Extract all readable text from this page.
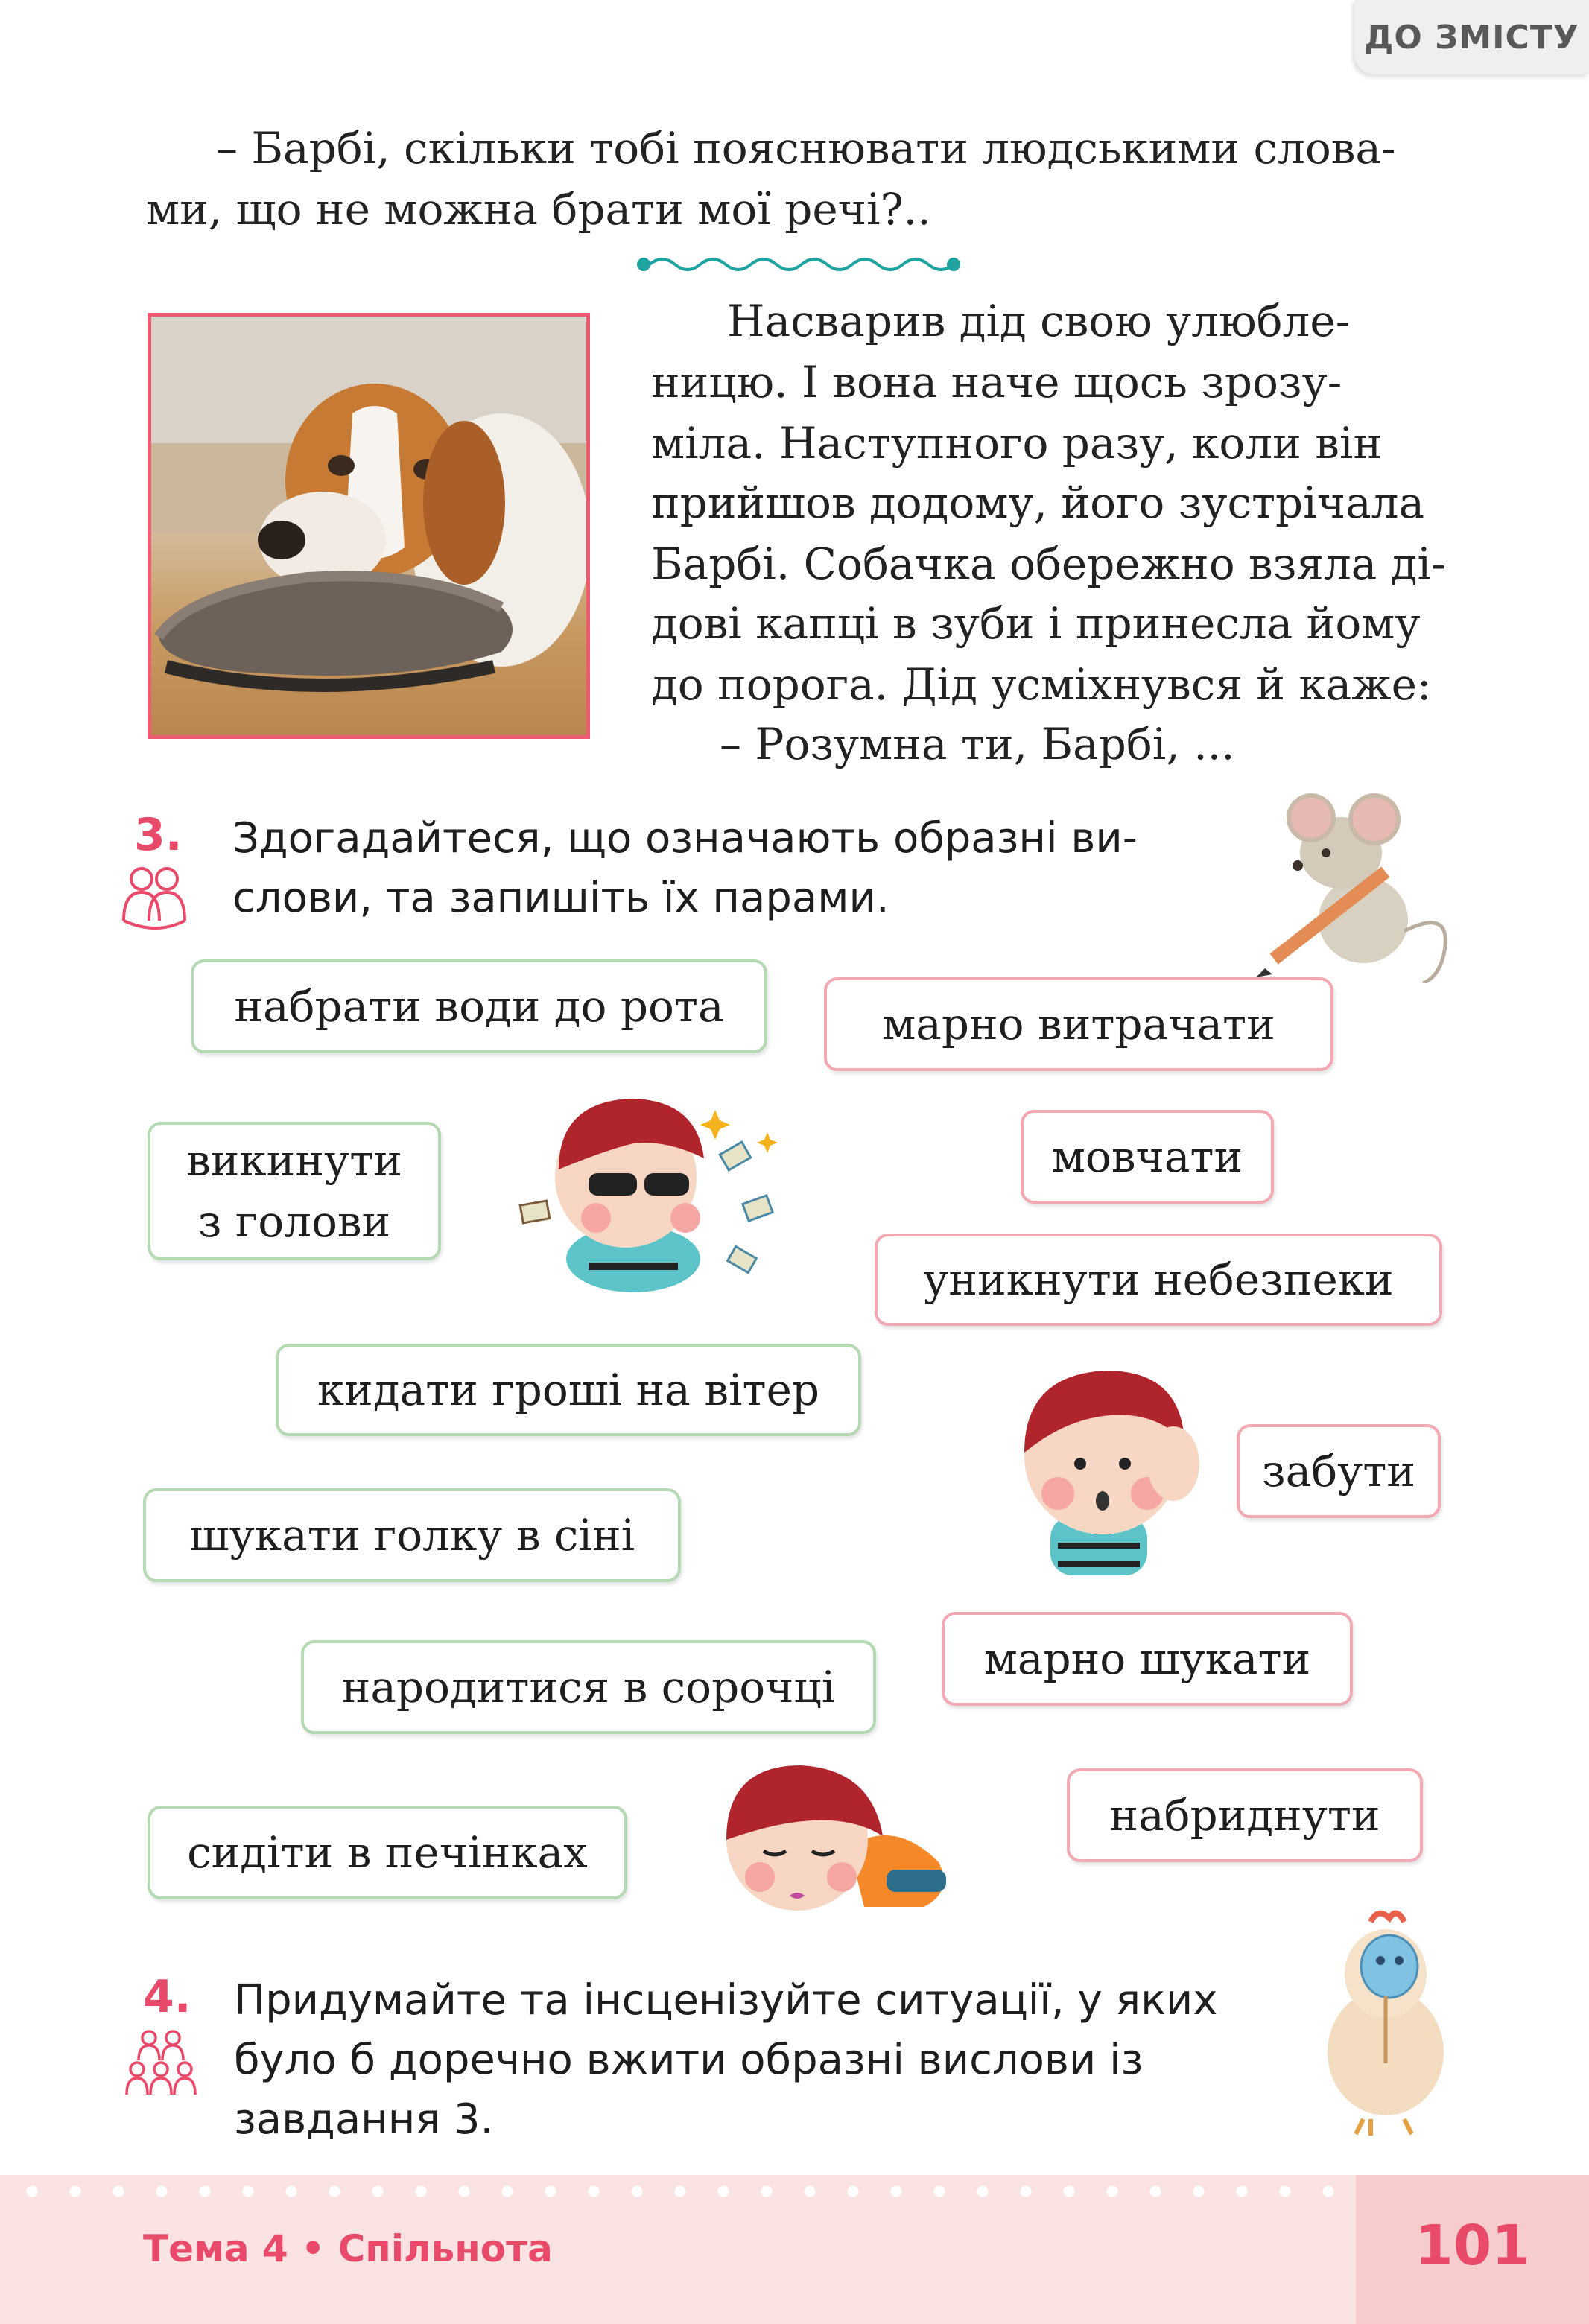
ДО ЗМІСТУ
– Барбі, скільки тобі пояснювати людськими слова-
ми, що не можна брати мої речі?..
Насварив дід свою улюбле-
ницю. І вона наче щось зрозу-
міла. Наступного разу, коли він
прийшов додому, його зустрічала
Барбі. Собачка обережно взяла ді-
дові капці в зуби і принесла йому
до порога. Дід усміхнувся й каже:
– Розумна ти, Барбі, ...
3. Здогадайтеся, що означають образні ви-
слови, та запишіть їх парами.
набрати води до рота
викинути
з голови
кидати гроші на вітер
шукати голку в сіні
народитися в сорочці
сидіти в печінках
марно витрачати
мовчати
уникнути небезпеки
забути
марно шукати
набриднути
4. Придумайте та інсценізуйте ситуації, у яких
було б доречно вжити образні вислови із
завдання 3.
Тема 4 • Спільнота	101
